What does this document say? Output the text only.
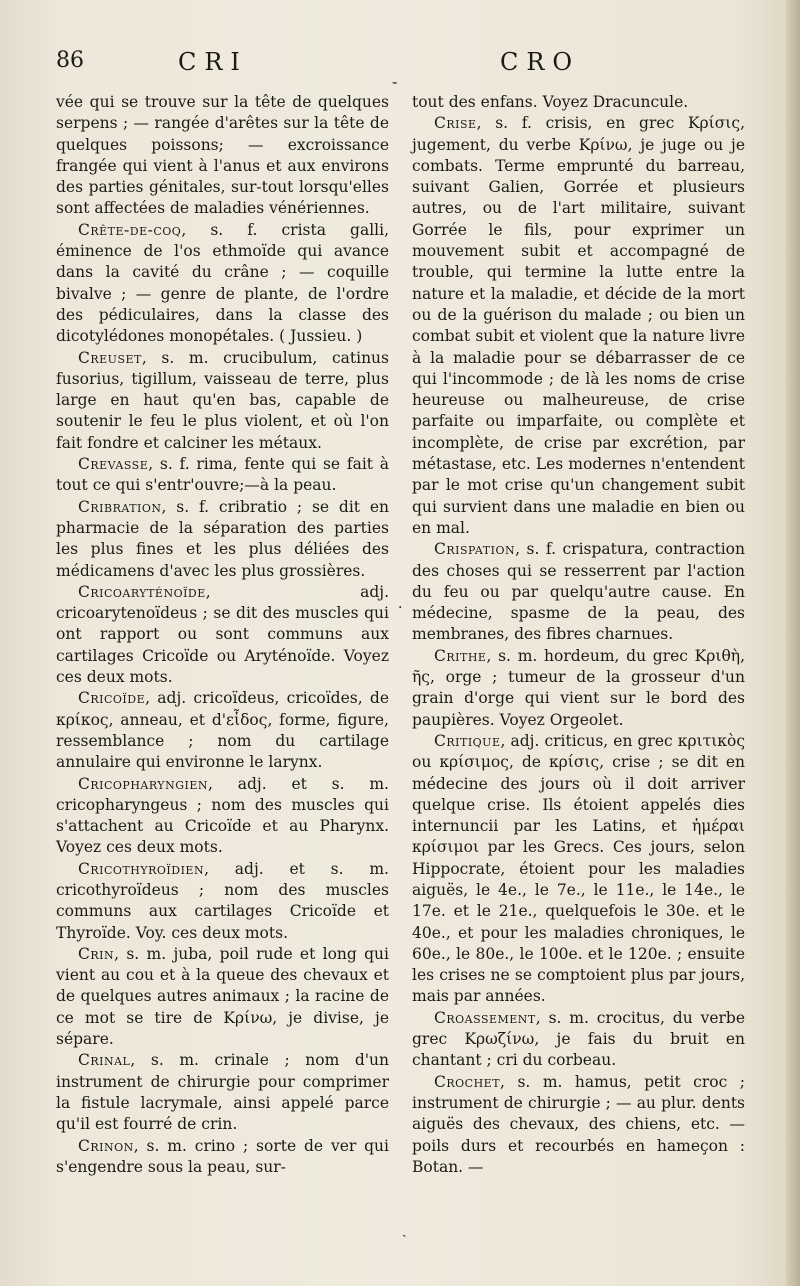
86	CRI	CRO
‐

vée qui se trouve sur la tête de quelques serpens ; — rangée d'arêtes sur la tête de quelques poissons; — excroissance frangée qui vient à l'anus et aux environs des parties génitales, sur-tout lorsqu'elles sont affectées de maladies vénériennes.

Crête-de-coq, s. f. crista galli, éminence de l'os ethmoïde qui avance dans la cavité du crâne ; — coquille bivalve ; — genre de plante, de l'ordre des pédiculaires, dans la classe des dicotylédones monopétales. ( Jussieu. )

Creuset, s. m. crucibulum, catinus fusorius, tigillum, vaisseau de terre, plus large en haut qu'en bas, capable de soutenir le feu le plus violent, et où l'on fait fondre et calciner les métaux.

Crevasse, s. f. rima, fente qui se fait à tout ce qui s'entr'ouvre;—à la peau.

Cribration, s. f. cribratio ; se dit en pharmacie de la séparation des parties les plus fines et les plus déliées des médicamens d'avec les plus grossières.

Cricoaryténoïde, adj. cricoarytenoïdeus ; se dit des muscles qui ont rapport ou sont communs aux cartilages Cricoïde ou Aryténoïde. Voyez ces deux mots.

Cricoïde, adj. cricoïdeus, cricoïdes, de κρίκος, anneau, et d'εἶδος, forme, figure, ressemblance ; nom du cartilage annulaire qui environne le larynx.

Cricopharyngien, adj. et s. m. cricopharyngeus ; nom des muscles qui s'attachent au Cricoïde et au Pharynx. Voyez ces deux mots.

Cricothyroïdien, adj. et s. m. cricothyroïdeus ; nom des muscles communs aux cartilages Cricoïde et Thyroïde. Voy. ces deux mots.

Crin, s. m. juba, poil rude et long qui vient au cou et à la queue des chevaux et de quelques autres animaux ; la racine de ce mot se tire de Κρίνω, je divise, je sépare.

Crinal, s. m. crinale ; nom d'un instrument de chirurgie pour comprimer la fistule lacrymale, ainsi appelé parce qu'il est fourré de crin.

Crinon, s. m. crino ; sorte de ver qui s'engendre sous la peau, sur-

tout des enfans. Voyez Dracuncule.

Crise, s. f. crisis, en grec Κρίσις, jugement, du verbe Κρίνω, je juge ou je combats. Terme emprunté du barreau, suivant Galien, Gorrée et plusieurs autres, ou de l'art militaire, suivant Gorrée le fils, pour exprimer un mouvement subit et accompagné de trouble, qui termine la lutte entre la nature et la maladie, et décide de la mort ou de la guérison du malade ; ou bien un combat subit et violent que la nature livre à la maladie pour se débarrasser de ce qui l'incommode ; de là les noms de crise heureuse ou malheureuse, de crise parfaite ou imparfaite, ou complète et incomplète, de crise par excrétion, par métastase, etc. Les modernes n'entendent par le mot crise qu'un changement subit qui survient dans une maladie en bien ou en mal.

Crispation, s. f. crispatura, contraction des choses qui se resserrent par l'action du feu ou par quelqu'autre cause. En médecine, spasme de la peau, des membranes, des fibres charnues.

Crithe, s. m. hordeum, du grec Κριθὴ, ῆς, orge ; tumeur de la grosseur d'un grain d'orge qui vient sur le bord des paupières. Voyez Orgeolet.

Critique, adj. criticus, en grec κριτικὸς ou κρίσιμος, de κρίσις, crise ; se dit en médecine des jours où il doit arriver quelque crise. Ils étoient appelés dies internuncii par les Latins, et ἡμέραι κρίσιμοι par les Grecs. Ces jours, selon Hippocrate, étoient pour les maladies aiguës, le 4e., le 7e., le 11e., le 14e., le 17e. et le 21e., quelquefois le 30e. et le 40e., et pour les maladies chroniques, le 60e., le 80e., le 100e. et le 120e. ; ensuite les crises ne se comptoient plus par jours, mais par années.

Croassement, s. m. crocitus, du verbe grec Κρωζίνω, je fais du bruit en chantant ; cri du corbeau.

Crochet, s. m. hamus, petit croc ; instrument de chirurgie ; — au plur. dents aiguës des chevaux, des chiens, etc. — poils durs et recourbés en hameçon : Botan. —

·
ˏ
